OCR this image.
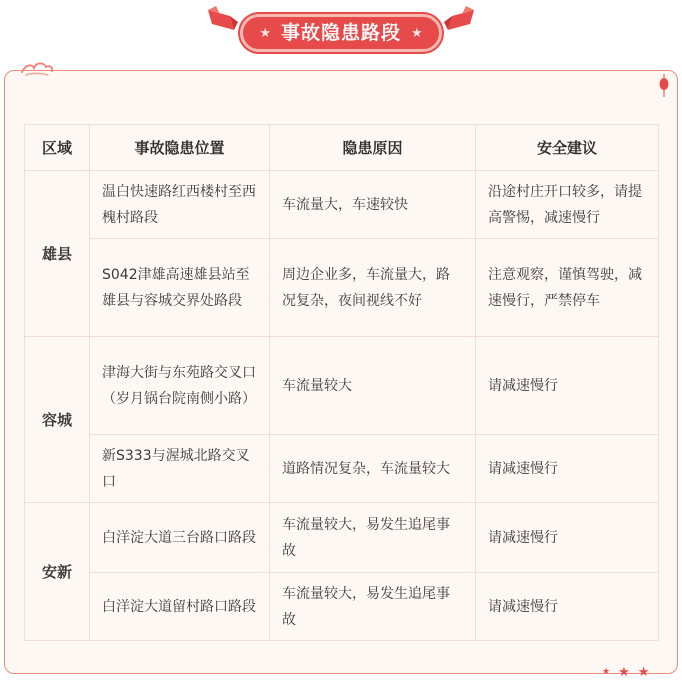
★ 事故隐患路段 ★
区域	事故隐患位置	隐患原因	安全建议
雄县	温白快速路红西楼村至西槐村路段	车流量大，车速较快	沿途村庄开口较多，请提高警惕，减速慢行
	S042津雄高速雄县站至雄县与容城交界处路段	周边企业多，车流量大，路况复杂，夜间视线不好	注意观察，谨慎驾驶，减速慢行，严禁停车
容城	津海大街与东苑路交叉口（岁月锅台院南侧小路）	车流量较大	请减速慢行
	新S333与渥城北路交叉口	道路情况复杂，车流量较大	请减速慢行
安新	白洋淀大道三台路口路段	车流量较大，易发生追尾事故	请减速慢行
	白洋淀大道留村路口路段	车流量较大，易发生追尾事故	请减速慢行
★ ★ ★
